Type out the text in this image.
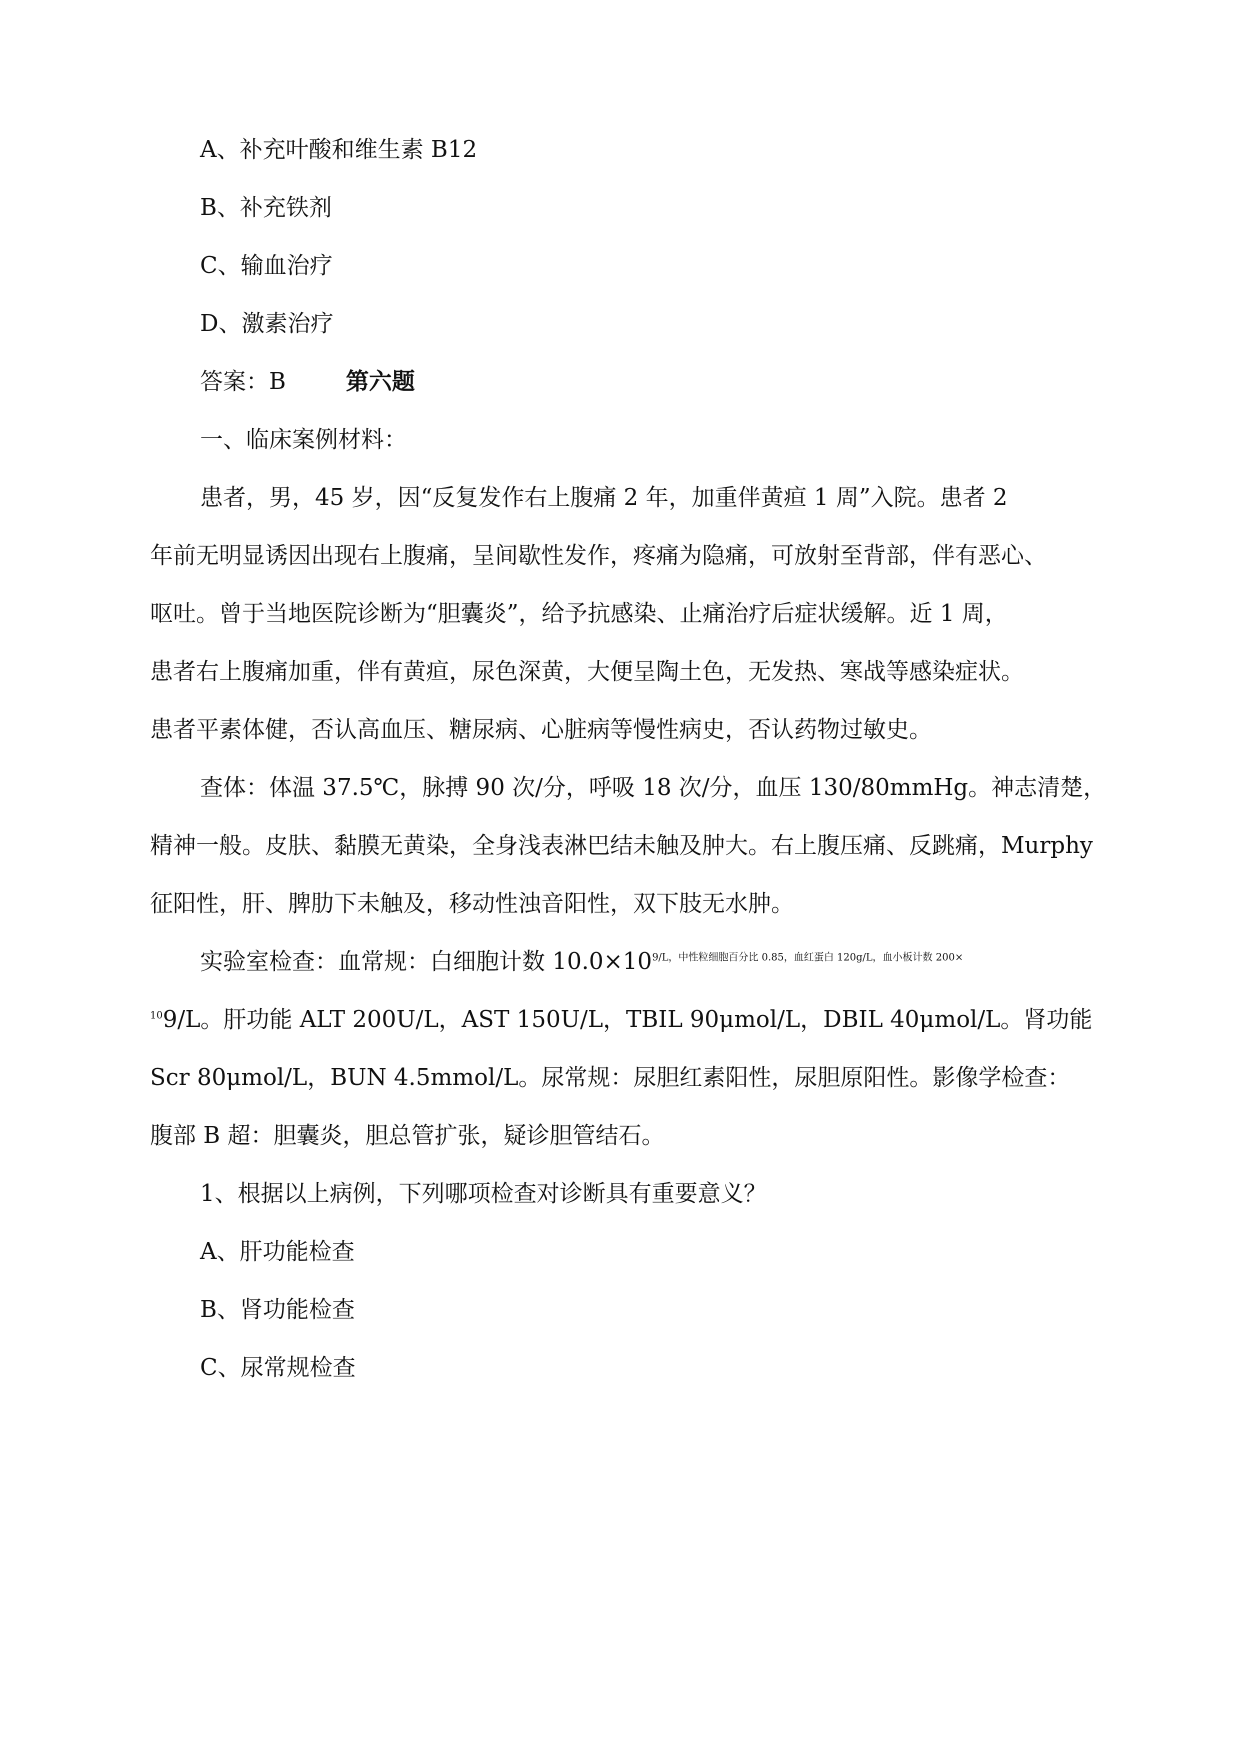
A、补充叶酸和维生素 B12
B、补充铁剂
C、输血治疗
D、激素治疗
答案：B	第六题
一、临床案例材料：
患者，男，45 岁，因“反复发作右上腹痛 2 年，加重伴黄疸 1 周”入院。患者 2
年前无明显诱因出现右上腹痛，呈间歇性发作，疼痛为隐痛，可放射至背部，伴有恶心、
呕吐。曾于当地医院诊断为“胆囊炎”，给予抗感染、止痛治疗后症状缓解。近 1 周，
患者右上腹痛加重，伴有黄疸，尿色深黄，大便呈陶土色，无发热、寒战等感染症状。
患者平素体健，否认高血压、糖尿病、心脏病等慢性病史，否认药物过敏史。
查体：体温 37.5℃，脉搏 90 次/分，呼吸 18 次/分，血压 130/80mmHg。神志清楚，
精神一般。皮肤、黏膜无黄染，全身浅表淋巴结未触及肿大。右上腹压痛、反跳痛，Murphy
征阳性，肝、脾肋下未触及，移动性浊音阳性，双下肢无水肿。
实验室检查：血常规：白细胞计数 $10.0\times 10^{9/L,中性粒细胞百分比 0.85,血红蛋白 120g/L,血小板计数 200\times}$
$^{10}$9/L。肝功能 ALT 200U/L，AST 150U/L，TBIL 90μmol/L，DBIL 40μmol/L。肾功能
Scr 80μmol/L，BUN 4.5mmol/L。尿常规：尿胆红素阳性，尿胆原阳性。影像学检查：
腹部 B 超：胆囊炎，胆总管扩张，疑诊胆管结石。
1、根据以上病例，下列哪项检查对诊断具有重要意义？
A、肝功能检查
B、肾功能检查
C、尿常规检查
